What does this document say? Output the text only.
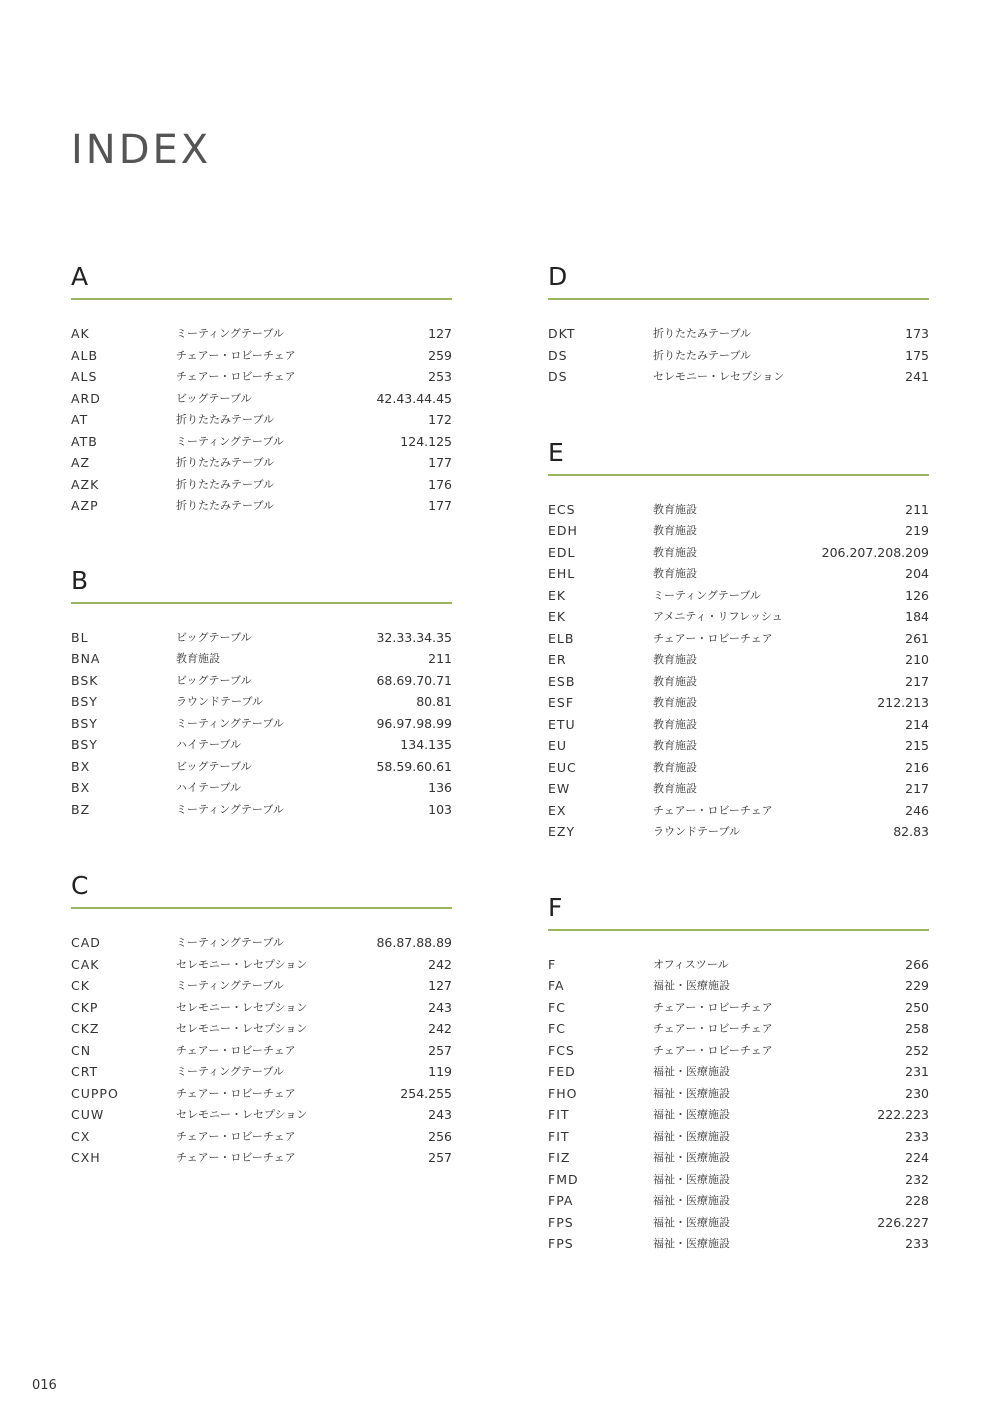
INDEX
A
AK	ミーティングテーブル	127
ALB	チェアー・ロビーチェア	259
ALS	チェアー・ロビーチェア	253
ARD	ビッグテーブル	42.43.44.45
AT	折りたたみテーブル	172
ATB	ミーティングテーブル	124.125
AZ	折りたたみテーブル	177
AZK	折りたたみテーブル	176
AZP	折りたたみテーブル	177
B
BL	ビッグテーブル	32.33.34.35
BNA	教育施設	211
BSK	ビッグテーブル	68.69.70.71
BSY	ラウンドテーブル	80.81
BSY	ミーティングテーブル	96.97.98.99
BSY	ハイテーブル	134.135
BX	ビッグテーブル	58.59.60.61
BX	ハイテーブル	136
BZ	ミーティングテーブル	103
C
CAD	ミーティングテーブル	86.87.88.89
CAK	セレモニー・レセプション	242
CK	ミーティングテーブル	127
CKP	セレモニー・レセプション	243
CKZ	セレモニー・レセプション	242
CN	チェアー・ロビーチェア	257
CRT	ミーティングテーブル	119
CUPPO	チェアー・ロビーチェア	254.255
CUW	セレモニー・レセプション	243
CX	チェアー・ロビーチェア	256
CXH	チェアー・ロビーチェア	257
D
DKT	折りたたみテーブル	173
DS	折りたたみテーブル	175
DS	セレモニー・レセプション	241
E
ECS	教育施設	211
EDH	教育施設	219
EDL	教育施設	206.207.208.209
EHL	教育施設	204
EK	ミーティングテーブル	126
EK	アメニティ・リフレッシュ	184
ELB	チェアー・ロビーチェア	261
ER	教育施設	210
ESB	教育施設	217
ESF	教育施設	212.213
ETU	教育施設	214
EU	教育施設	215
EUC	教育施設	216
EW	教育施設	217
EX	チェアー・ロビーチェア	246
EZY	ラウンドテーブル	82.83
F
F	オフィスツール	266
FA	福祉・医療施設	229
FC	チェアー・ロビーチェア	250
FC	チェアー・ロビーチェア	258
FCS	チェアー・ロビーチェア	252
FED	福祉・医療施設	231
FHO	福祉・医療施設	230
FIT	福祉・医療施設	222.223
FIT	福祉・医療施設	233
FIZ	福祉・医療施設	224
FMD	福祉・医療施設	232
FPA	福祉・医療施設	228
FPS	福祉・医療施設	226.227
FPS	福祉・医療施設	233
016
